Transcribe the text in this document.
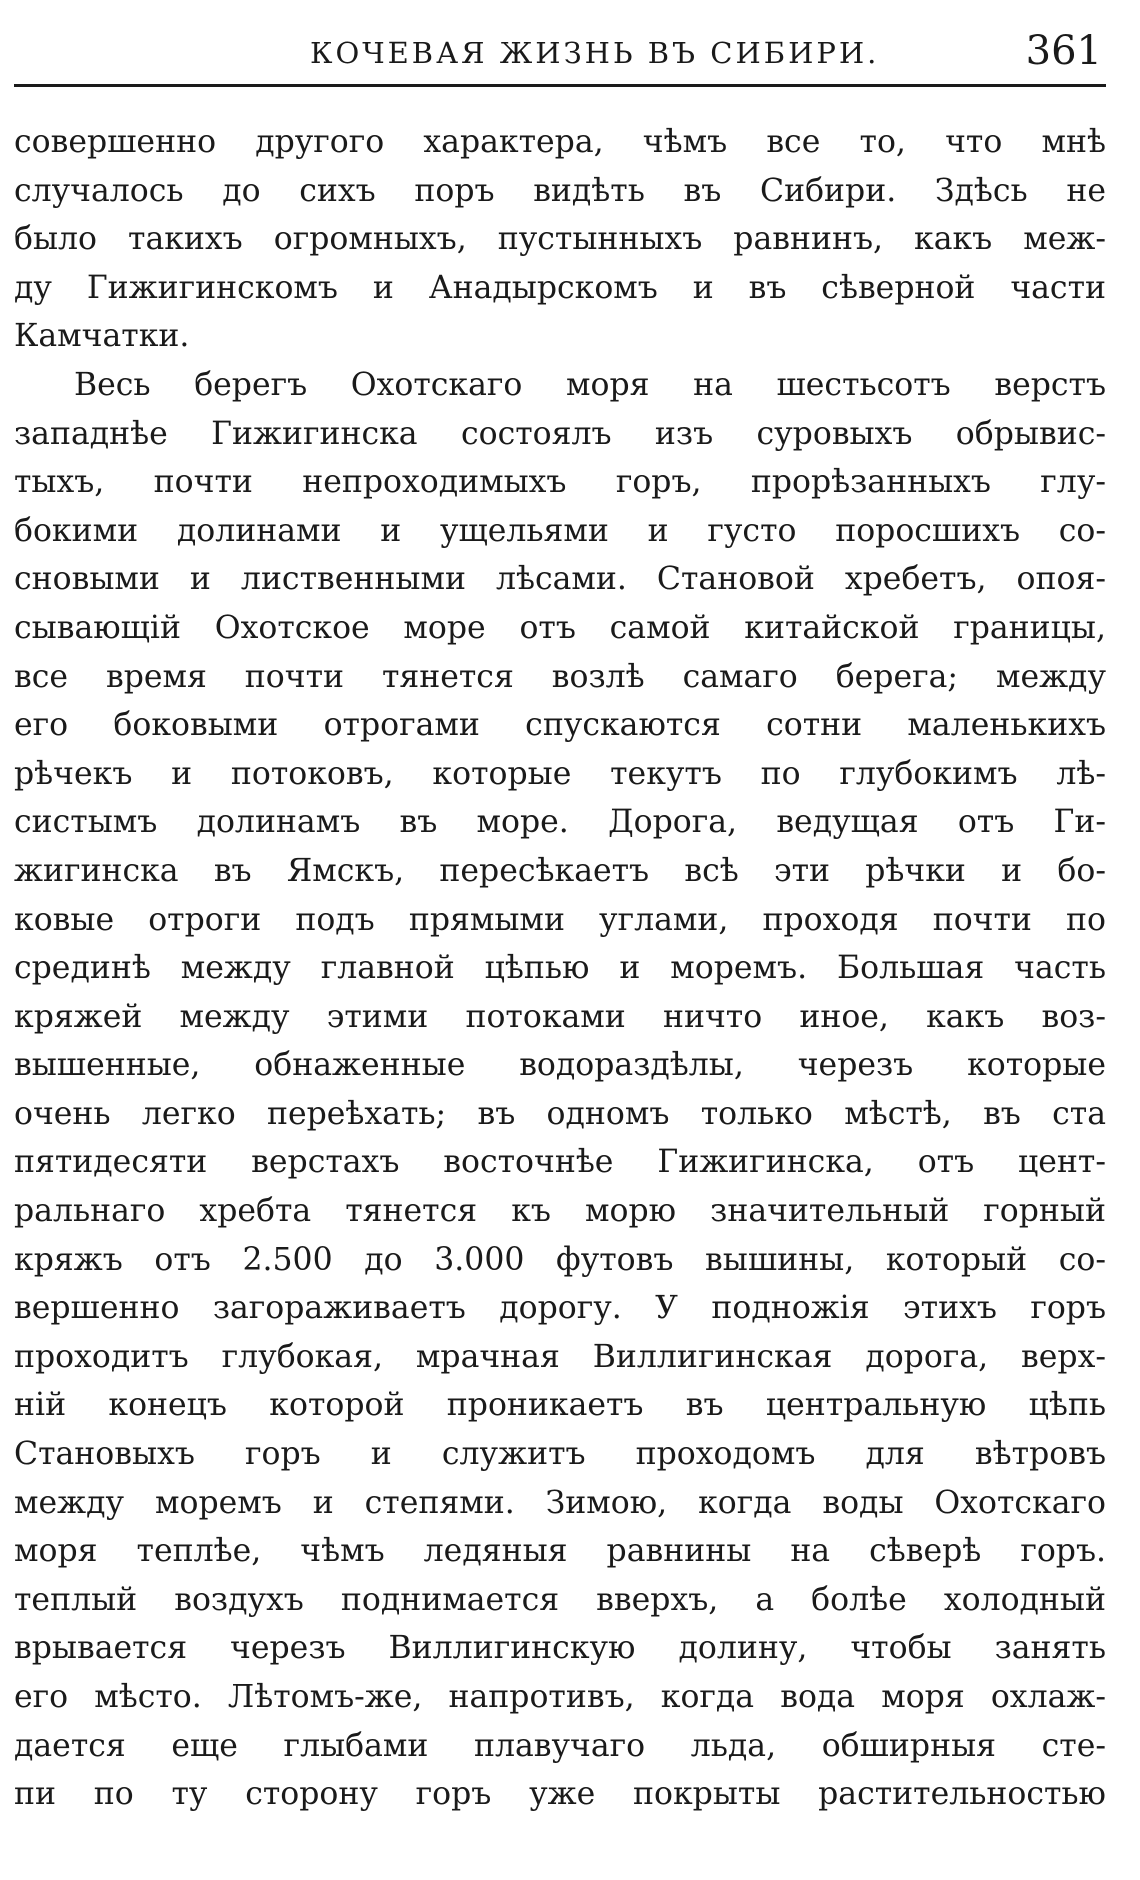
КОЧЕВАЯ ЖИЗНЬ ВЪ СИБИРИ.	361
совершенно другого характера, чѣмъ все то, что мнѣ
случалось до сихъ поръ видѣть въ Сибири. Здѣсь не
было такихъ огромныхъ, пустынныхъ равнинъ, какъ меж-
ду Гижигинскомъ и Анадырскомъ и въ сѣверной части
Камчатки.
Весь берегъ Охотскаго моря на шестьсотъ верстъ
западнѣе Гижигинска состоялъ изъ суровыхъ обрывис-
тыхъ, почти непроходимыхъ горъ, прорѣзанныхъ глу-
бокими долинами и ущельями и густо поросшихъ со-
сновыми и лиственными лѣсами. Становой хребетъ, опоя-
сывающій Охотское море отъ самой китайской границы,
все время почти тянется возлѣ самаго берега; между
его боковыми отрогами спускаются сотни маленькихъ
рѣчекъ и потоковъ, которые текутъ по глубокимъ лѣ-
систымъ долинамъ въ море. Дорога, ведущая отъ Ги-
жигинска въ Ямскъ, пересѣкаетъ всѣ эти рѣчки и бо-
ковые отроги подъ прямыми углами, проходя почти по
срединѣ между главной цѣпью и моремъ. Большая часть
кряжей между этими потоками ничто иное, какъ воз-
вышенные, обнаженные водораздѣлы, черезъ которые
очень легко переѣхать; въ одномъ только мѣстѣ, въ ста
пятидесяти верстахъ восточнѣе Гижигинска, отъ цент-
ральнаго хребта тянется къ морю значительный горный
кряжъ отъ 2.500 до 3.000 футовъ вышины, который со-
вершенно загораживаетъ дорогу. У подножія этихъ горъ
проходитъ глубокая, мрачная Виллигинская дорога, верх-
ній конецъ которой проникаетъ въ центральную цѣпь
Становыхъ горъ и служитъ проходомъ для вѣтровъ
между моремъ и степями. Зимою, когда воды Охотскаго
моря теплѣе, чѣмъ ледяныя равнины на сѣверѣ горъ.
теплый воздухъ поднимается вверхъ, а болѣе холодный
врывается черезъ Виллигинскую долину, чтобы занять
его мѣсто. Лѣтомъ-же, напротивъ, когда вода моря охлаж-
дается еще глыбами плавучаго льда, обширныя сте-
пи по ту сторону горъ уже покрыты растительностью
